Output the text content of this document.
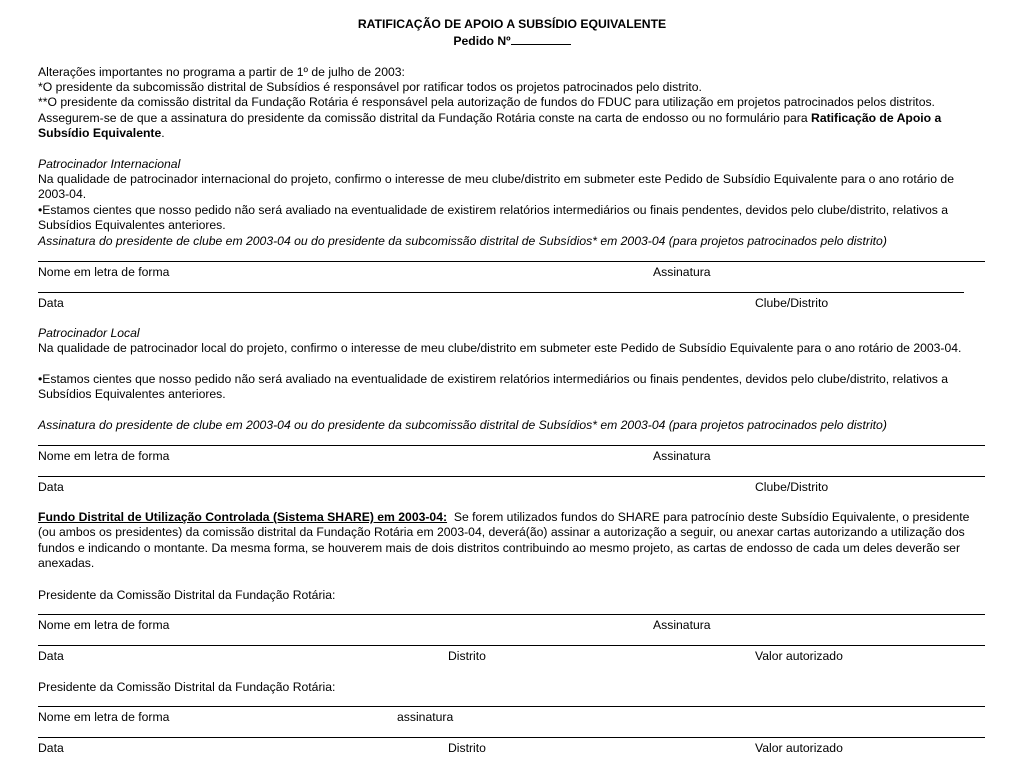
RATIFICAÇÃO DE APOIO A SUBSÍDIO EQUIVALENTE
Pedido Nº
Alterações importantes no programa a partir de 1º de julho de 2003:
*O presidente da subcomissão distrital de Subsídios é responsável por ratificar todos os projetos patrocinados pelo distrito.
**O presidente da comissão distrital da Fundação Rotária é responsável pela autorização de fundos do FDUC para utilização em projetos patrocinados pelos distritos.
Assegurem-se de que a assinatura do presidente da comissão distrital da Fundação Rotária conste na carta de endosso ou no formulário para Ratificação de Apoio a Subsídio Equivalente.
Patrocinador Internacional
Na qualidade de patrocinador internacional do projeto, confirmo o interesse de meu clube/distrito em submeter este Pedido de Subsídio Equivalente para o ano rotário de 2003-04.
•Estamos cientes que nosso pedido não será avaliado na eventualidade de existirem relatórios intermediários ou finais pendentes, devidos pelo clube/distrito, relativos a Subsídios Equivalentes anteriores.
Assinatura do presidente de clube em 2003-04 ou do presidente da subcomissão distrital de Subsídios* em 2003-04 (para projetos patrocinados pelo distrito)
Nome em letra de forma	Assinatura
Data	Clube/Distrito
Patrocinador Local
Na qualidade de patrocinador local do projeto, confirmo o interesse de meu clube/distrito em submeter este Pedido de Subsídio Equivalente para o ano rotário de 2003-04.
•Estamos cientes que nosso pedido não será avaliado na eventualidade de existirem relatórios intermediários ou finais pendentes, devidos pelo clube/distrito, relativos a Subsídios Equivalentes anteriores.
Assinatura do presidente de clube em 2003-04 ou do presidente da subcomissão distrital de Subsídios* em 2003-04 (para projetos patrocinados pelo distrito)
Nome em letra de forma	Assinatura
Data	Clube/Distrito
Fundo Distrital de Utilização Controlada (Sistema SHARE) em 2003-04: Se forem utilizados fundos do SHARE para patrocínio deste Subsídio Equivalente, o presidente (ou ambos os presidentes) da comissão distrital da Fundação Rotária em 2003-04, deverá(ão) assinar a autorização a seguir, ou anexar cartas autorizando a utilização dos fundos e indicando o montante. Da mesma forma, se houverem mais de dois distritos contribuindo ao mesmo projeto, as cartas de endosso de cada um deles deverão ser anexadas.
Presidente da Comissão Distrital da Fundação Rotária:
Nome em letra de forma	Assinatura
Data	Distrito	Valor autorizado
Presidente da Comissão Distrital da Fundação Rotária:
Nome em letra de forma	assinatura
Data	Distrito	Valor autorizado
